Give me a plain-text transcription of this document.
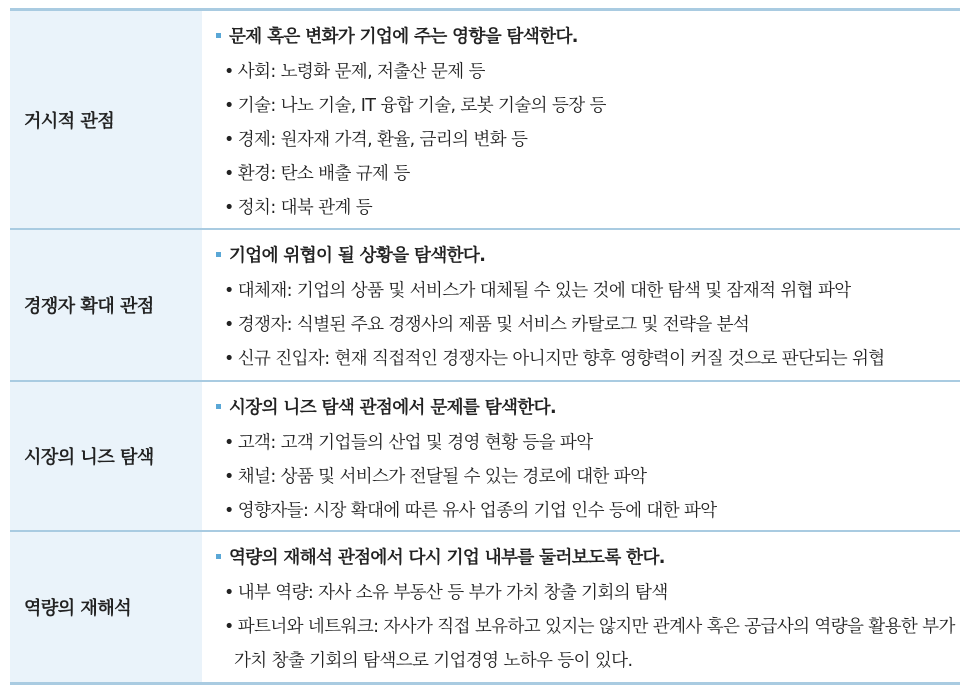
거시적 관점
문제 혹은 변화가 기업에 주는 영향을 탐색한다.
• 사회: 노령화 문제, 저출산 문제 등
• 기술: 나노 기술, IT 융합 기술, 로봇 기술의 등장 등
• 경제: 원자재 가격, 환율, 금리의 변화 등
• 환경: 탄소 배출 규제 등
• 정치: 대북 관계 등
경쟁자 확대 관점
기업에 위협이 될 상황을 탐색한다.
• 대체재: 기업의 상품 및 서비스가 대체될 수 있는 것에 대한 탐색 및 잠재적 위협 파악
• 경쟁자: 식별된 주요 경쟁사의 제품 및 서비스 카탈로그 및 전략을 분석
• 신규 진입자: 현재 직접적인 경쟁자는 아니지만 향후 영향력이 커질 것으로 판단되는 위협
시장의 니즈 탐색
시장의 니즈 탐색 관점에서 문제를 탐색한다.
• 고객: 고객 기업들의 산업 및 경영 현황 등을 파악
• 채널: 상품 및 서비스가 전달될 수 있는 경로에 대한 파악
• 영향자들: 시장 확대에 따른 유사 업종의 기업 인수 등에 대한 파악
역량의 재해석
역량의 재해석 관점에서 다시 기업 내부를 둘러보도록 한다.
• 내부 역량: 자사 소유 부동산 등 부가 가치 창출 기회의 탐색
• 파트너와 네트워크: 자사가 직접 보유하고 있지는 않지만 관계사 혹은 공급사의 역량을 활용한 부가가치 창출 기회의 탐색으로 기업경영 노하우 등이 있다.
